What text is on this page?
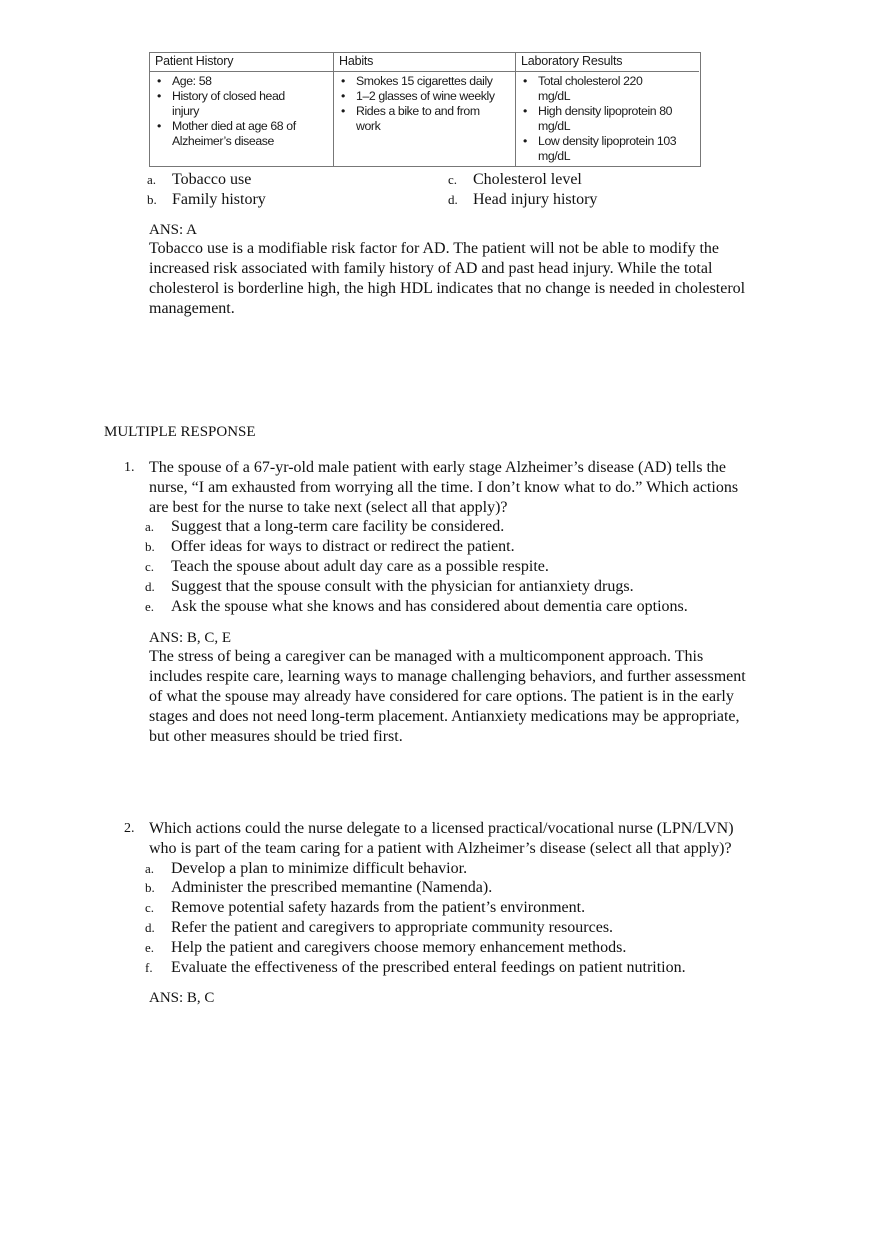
Patient History
• Age: 58
• History of closed head injury
• Mother died at age 68 of Alzheimer’s disease
Habits
• Smokes 15 cigarettes daily
• 1–2 glasses of wine weekly
• Rides a bike to and from work
Laboratory Results
• Total cholesterol 220 mg/dL
• High density lipoprotein 80 mg/dL
• Low density lipoprotein 103 mg/dL
a. Tobacco use
b. Family history
c. Cholesterol level
d. Head injury history
ANS: A
Tobacco use is a modifiable risk factor for AD. The patient will not be able to modify the
increased risk associated with family history of AD and past head injury. While the total
cholesterol is borderline high, the high HDL indicates that no change is needed in cholesterol
management.
MULTIPLE RESPONSE
1. The spouse of a 67-yr-old male patient with early stage Alzheimer’s disease (AD) tells the
nurse, “I am exhausted from worrying all the time. I don’t know what to do.” Which actions
are best for the nurse to take next (select all that apply)?
a. Suggest that a long-term care facility be considered.
b. Offer ideas for ways to distract or redirect the patient.
c. Teach the spouse about adult day care as a possible respite.
d. Suggest that the spouse consult with the physician for antianxiety drugs.
e. Ask the spouse what she knows and has considered about dementia care options.
ANS: B, C, E
The stress of being a caregiver can be managed with a multicomponent approach. This
includes respite care, learning ways to manage challenging behaviors, and further assessment
of what the spouse may already have considered for care options. The patient is in the early
stages and does not need long-term placement. Antianxiety medications may be appropriate,
but other measures should be tried first.
2. Which actions could the nurse delegate to a licensed practical/vocational nurse (LPN/LVN)
who is part of the team caring for a patient with Alzheimer’s disease (select all that apply)?
a. Develop a plan to minimize difficult behavior.
b. Administer the prescribed memantine (Namenda).
c. Remove potential safety hazards from the patient’s environment.
d. Refer the patient and caregivers to appropriate community resources.
e. Help the patient and caregivers choose memory enhancement methods.
f. Evaluate the effectiveness of the prescribed enteral feedings on patient nutrition.
ANS: B, C
